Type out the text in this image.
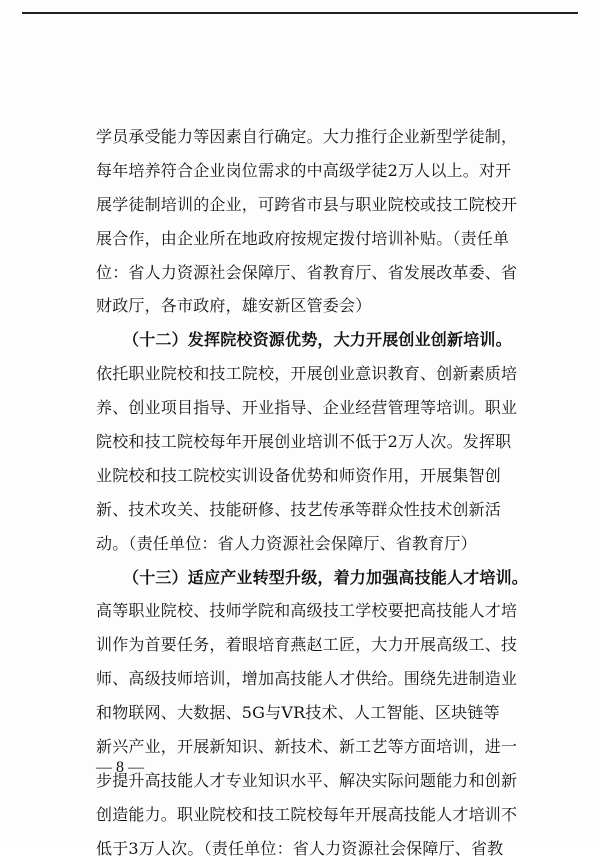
学员承受能力等因素自行确定。大力推行企业新型学徒制，
每年培养符合企业岗位需求的中高级学徒2万人以上。对开
展学徒制培训的企业，可跨省市县与职业院校或技工院校开
展合作，由企业所在地政府按规定拨付培训补贴。（责任单
位：省人力资源社会保障厅、省教育厅、省发展改革委、省
财政厅，各市政府，雄安新区管委会）
（十二）发挥院校资源优势，大力开展创业创新培训。
依托职业院校和技工院校，开展创业意识教育、创新素质培
养、创业项目指导、开业指导、企业经营管理等培训。职业
院校和技工院校每年开展创业培训不低于2万人次。发挥职
业院校和技工院校实训设备优势和师资作用，开展集智创
新、技术攻关、技能研修、技艺传承等群众性技术创新活
动。（责任单位：省人力资源社会保障厅、省教育厅）
（十三）适应产业转型升级，着力加强高技能人才培训。
高等职业院校、技师学院和高级技工学校要把高技能人才培
训作为首要任务，着眼培育燕赵工匠，大力开展高级工、技
师、高级技师培训，增加高技能人才供给。围绕先进制造业
和物联网、大数据、5G与VR技术、人工智能、区块链等
新兴产业，开展新知识、新技术、新工艺等方面培训，进一
步提升高技能人才专业知识水平、解决实际问题能力和创新
创造能力。职业院校和技工院校每年开展高技能人才培训不
低于3万人次。（责任单位：省人力资源社会保障厅、省教
— 8 —
